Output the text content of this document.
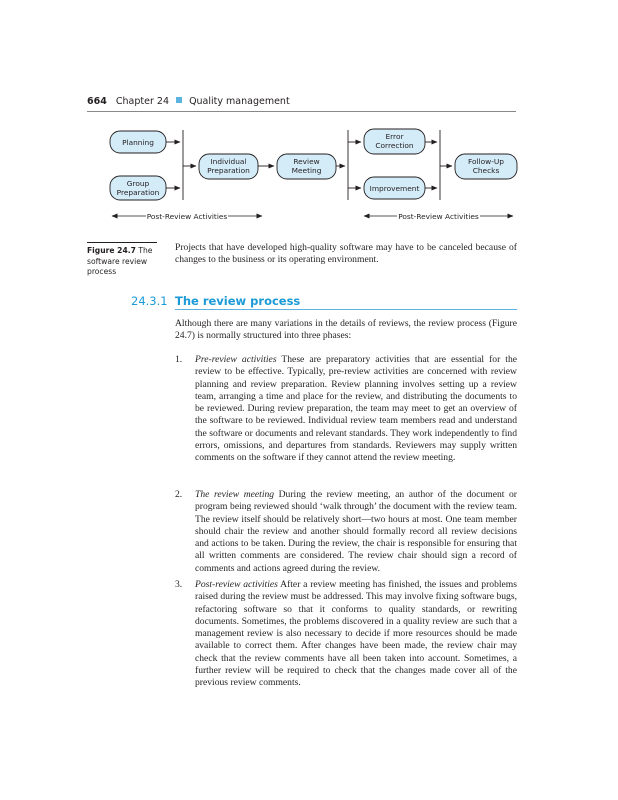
664 Chapter 24 Quality management
Planning
Group
Preparation
Individual
Preparation
Review
Meeting
Error
Correction
Improvement
Follow-Up
Checks
Post-Review Activities	Post-Review Activities
Figure 24.7 The software review process

Projects that have developed high-quality software may have to be canceled because of changes to the business or its operating environment.

24.3.1 The review process

Although there are many variations in the details of reviews, the review process (Figure 24.7) is normally structured into three phases:

1. Pre-review activities These are preparatory activities that are essential for the review to be effective. Typically, pre-review activities are concerned with review planning and review preparation. Review planning involves setting up a review team, arranging a time and place for the review, and distributing the documents to be reviewed. During review preparation, the team may meet to get an overview of the software to be reviewed. Individual review team members read and understand the software or documents and relevant standards. They work independently to find errors, omissions, and departures from standards. Reviewers may supply written comments on the software if they cannot attend the review meeting.
2. The review meeting During the review meeting, an author of the document or program being reviewed should ‘walk through’ the document with the review team. The review itself should be relatively short—two hours at most. One team member should chair the review and another should formally record all review decisions and actions to be taken. During the review, the chair is responsible for ensuring that all written comments are considered. The review chair should sign a record of comments and actions agreed during the review.
3. Post-review activities After a review meeting has finished, the issues and problems raised during the review must be addressed. This may involve fixing software bugs, refactoring software so that it conforms to quality standards, or rewriting documents. Sometimes, the problems discovered in a quality review are such that a management review is also necessary to decide if more resources should be made available to correct them. After changes have been made, the review chair may check that the review comments have all been taken into account. Sometimes, a further review will be required to check that the changes made cover all of the previous review comments.
